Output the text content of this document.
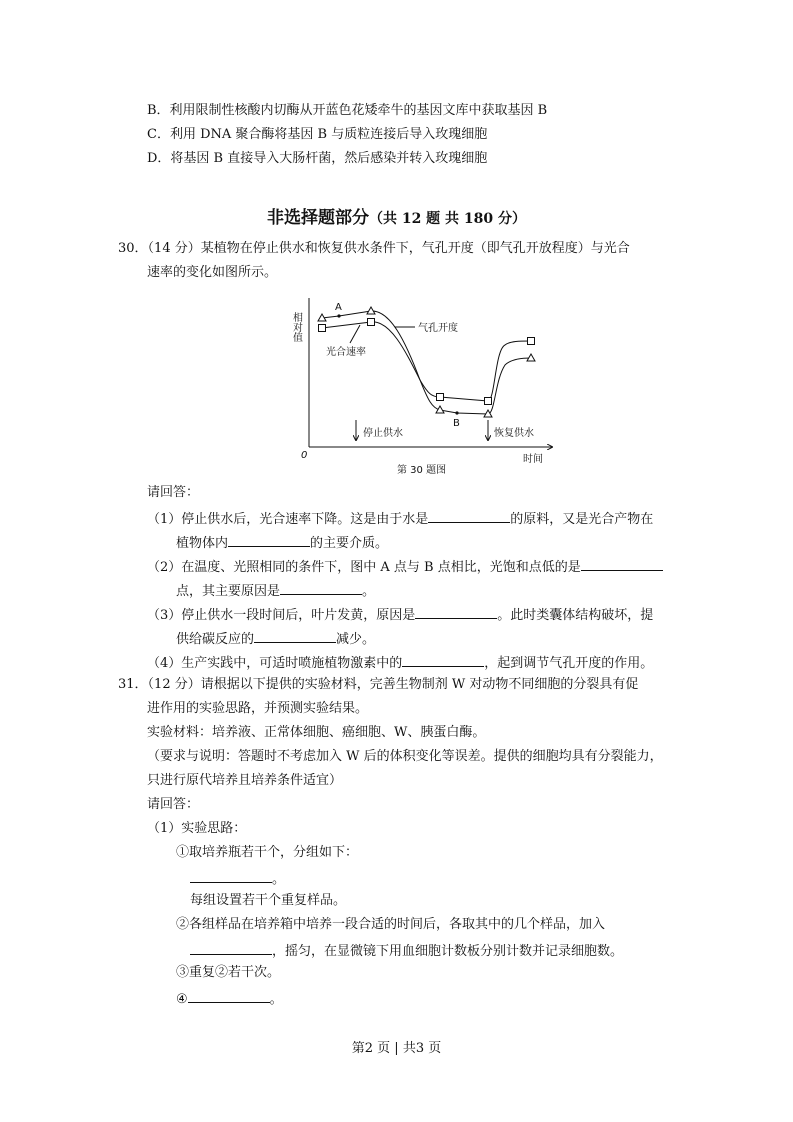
B．利用限制性核酸内切酶从开蓝色花矮牵牛的基因文库中获取基因 B
C．利用 DNA 聚合酶将基因 B 与质粒连接后导入玫瑰细胞
D．将基因 B 直接导入大肠杆菌，然后感染并转入玫瑰细胞
非选择题部分（共 12 题 共 180 分）
30．（14 分）某植物在停止供水和恢复供水条件下，气孔开度（即气孔开放程度）与光合
速率的变化如图所示。
相对值
0	时间
A
B
气孔开度
光合速率
停止供水	恢复供水
第 30 题图
请回答：
（1）停止供水后，光合速率下降。这是由于水是	的原料，又是光合产物在
植物体内	的主要介质。
（2）在温度、光照相同的条件下，图中 A 点与 B 点相比，光饱和点低的是
点，其主要原因是	。
（3）停止供水一段时间后，叶片发黄，原因是	。此时类囊体结构破坏，提
供给碳反应的	减少。
（4）生产实践中，可适时喷施植物激素中的	，起到调节气孔开度的作用。
31．（12 分）请根据以下提供的实验材料，完善生物制剂 W 对动物不同细胞的分裂具有促
进作用的实验思路，并预测实验结果。
实验材料：培养液、正常体细胞、癌细胞、W、胰蛋白酶。
（要求与说明：答题时不考虑加入 W 后的体积变化等误差。提供的细胞均具有分裂能力，
只进行原代培养且培养条件适宜）
请回答：
（1）实验思路：
①取培养瓶若干个，分组如下：
。
每组设置若干个重复样品。
②各组样品在培养箱中培养一段合适的时间后，各取其中的几个样品，加入
，摇匀，在显微镜下用血细胞计数板分别计数并记录细胞数。
③重复②若干次。
④	。
第2 页 | 共3 页
